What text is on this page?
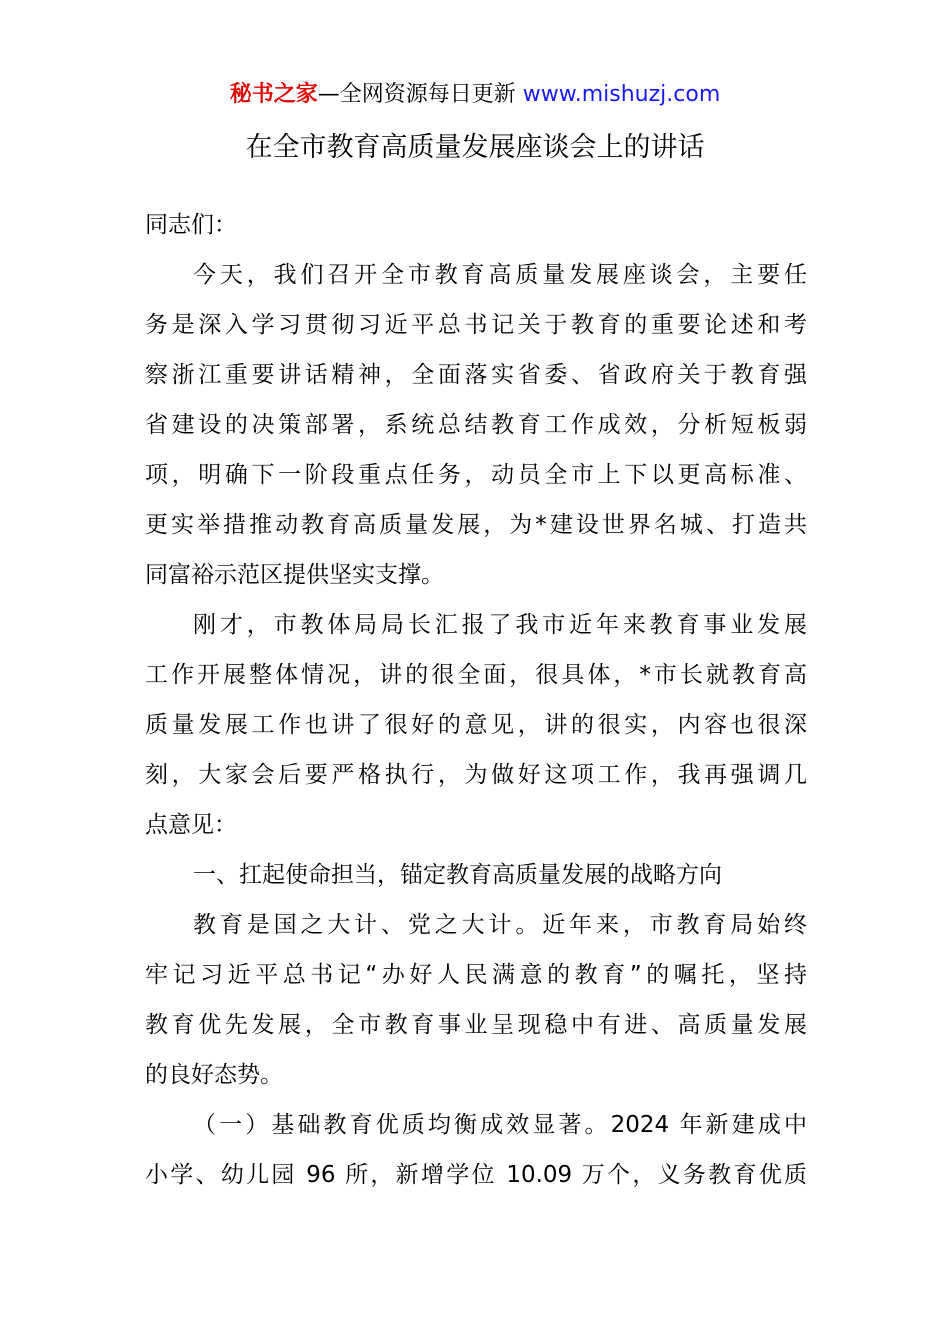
秘书之家—全网资源每日更新 www.mishuzj.com
在全市教育高质量发展座谈会上的讲话
同志们：
今天，我们召开全市教育高质量发展座谈会，主要任
务是深入学习贯彻习近平总书记关于教育的重要论述和考
察浙江重要讲话精神，全面落实省委、省政府关于教育强
省建设的决策部署，系统总结教育工作成效，分析短板弱
项，明确下一阶段重点任务，动员全市上下以更高标准、
更实举措推动教育高质量发展，为*建设世界名城、打造共
同富裕示范区提供坚实支撑。
刚才，市教体局局长汇报了我市近年来教育事业发展
工作开展整体情况，讲的很全面，很具体，*市长就教育高
质量发展工作也讲了很好的意见，讲的很实，内容也很深
刻，大家会后要严格执行，为做好这项工作，我再强调几
点意见：
一、扛起使命担当，锚定教育高质量发展的战略方向
教育是国之大计、党之大计。近年来，市教育局始终
牢记习近平总书记“办好人民满意的教育”的嘱托，坚持
教育优先发展，全市教育事业呈现稳中有进、高质量发展
的良好态势。
（一）基础教育优质均衡成效显著。2024 年新建成中
小学、幼儿园 96 所，新增学位 10.09 万个，义务教育优质
